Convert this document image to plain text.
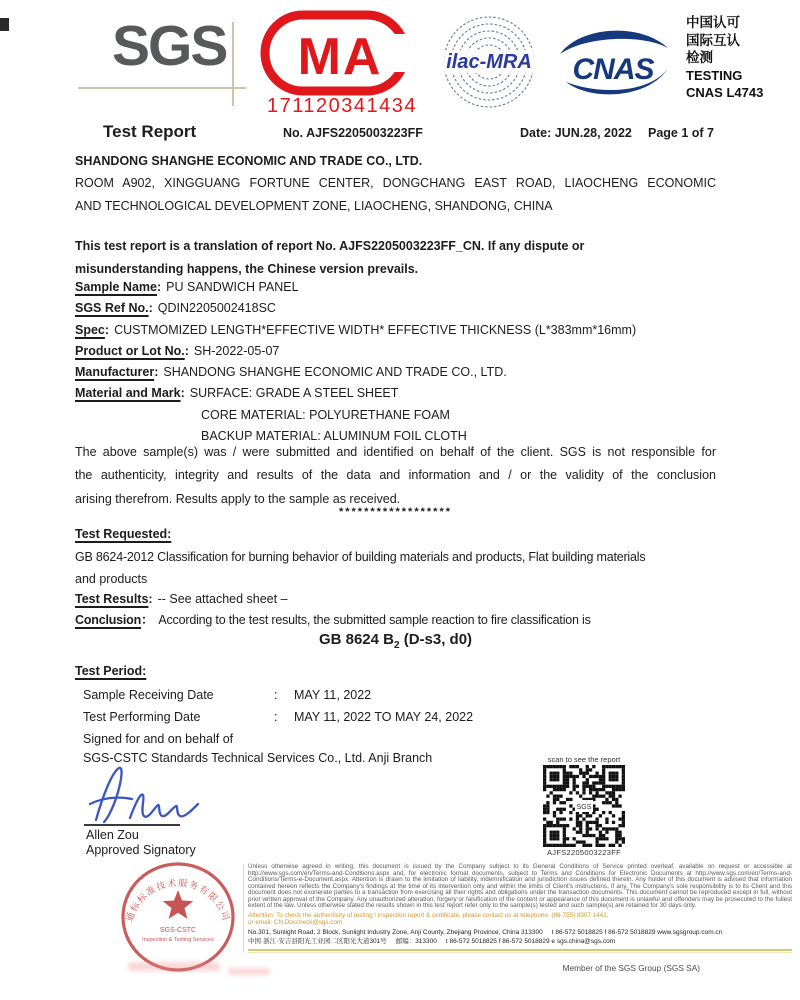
SGS MA
171120341434
ilac-MRA CNAS
中国认可
国际互认
检测
TESTING
CNAS L4743
Test Report	No. AJFS2205003223FF	Date: JUN.28, 2022 Page 1 of 7
SHANDONG SHANGHE ECONOMIC AND TRADE CO., LTD.
ROOM A902, XINGGUANG FORTUNE CENTER, DONGCHANG EAST ROAD, LIAOCHENG ECONOMIC
AND TECHNOLOGICAL DEVELOPMENT ZONE, LIAOCHENG, SHANDONG, CHINA
This test report is a translation of report No. AJFS2205003223FF_CN. If any dispute or
misunderstanding happens, the Chinese version prevails.
Sample Name: PU SANDWICH PANEL
SGS Ref No.: QDIN2205002418SC
Spec: CUSTMOMIZED LENGTH*EFFECTIVE WIDTH* EFFECTIVE THICKNESS (L*383mm*16mm)
Product or Lot No.: SH-2022-05-07
Manufacturer: SHANDONG SHANGHE ECONOMIC AND TRADE CO., LTD.
Material and Mark: SURFACE: GRADE A STEEL SHEET
CORE MATERIAL: POLYURETHANE FOAM
BACKUP MATERIAL: ALUMINUM FOIL CLOTH
The above sample(s) was / were submitted and identified on behalf of the client. SGS is not responsible for
the authenticity, integrity and results of the data and information and / or the validity of the conclusion
arising therefrom. Results apply to the sample as received.
******************
Test Requested:
GB 8624-2012 Classification for burning behavior of building materials and products, Flat building materials
and products
Test Results: -- See attached sheet –
Conclusion： According to the test results, the submitted sample reaction to fire classification is
GB 8624 $B_2$ (D-s3, d0)
Test Period:
Sample Receiving Date	:	MAY 11, 2022
Test Performing Date	:	MAY 11, 2022 TO MAY 24, 2022
Signed for and on behalf of
SGS-CSTC Standards Technical Services Co., Ltd. Anji Branch
Allen Zou
Approved Signatory
scan to see the report
SGS
AJFS2205003223FF
通标标准技术服务有限公司
SGS-CSTC
Inspection & Testing Services
Unless otherwise agreed in writing, this document is issued by the Company subject to its General Conditions of Service printed overleaf, available on request or accessible at http://www.sgs.com/en/Terms-and-Conditions.aspx and, for electronic format documents, subject to Terms and Conditions for Electronic Documents at http://www.sgs.com/en/Terms-and-Conditions/Terms-e-Document.aspx. Attention is drawn to the limitation of liability, indemnification and jurisdiction issues defined therein. Any holder of this document is advised that information contained hereon reflects the Company's findings at the time of its intervention only and within the limits of Client's instructions, if any. The Company's sole responsibility is to its Client and this document does not exonerate parties to a transaction from exercising all their rights and obligations under the transaction documents. This document cannot be reproduced except in full, without prior written approval of the Company. Any unauthorized alteration, forgery or falsification of the content or appearance of this document is unlawful and offenders may be prosecuted to the fullest extent of the law. Unless otherwise stated the results shown in this test report refer only to the sample(s) tested and such sample(s) are retained for 30 days only.
Attention: To check the authenticity of testing / inspection report & certificate, please contact us at telephone: (86-755) 8307 1443,
or email: CN.Doccheck@sgs.com
No.301, Sunlight Road, 2 Block, Sunlight Industry Zone, Anji County, Zhejiang Province, China 313300 t 86-572 5018825 f 86-572 5018829 www.sgsgroup.com.cn
中国·浙江·安吉县阳光工业园二区阳光大道301号 邮编：313300 t 86-572 5018825 f 86-572 5018829 e sgs.china@sgs.com
Member of the SGS Group (SGS SA)
